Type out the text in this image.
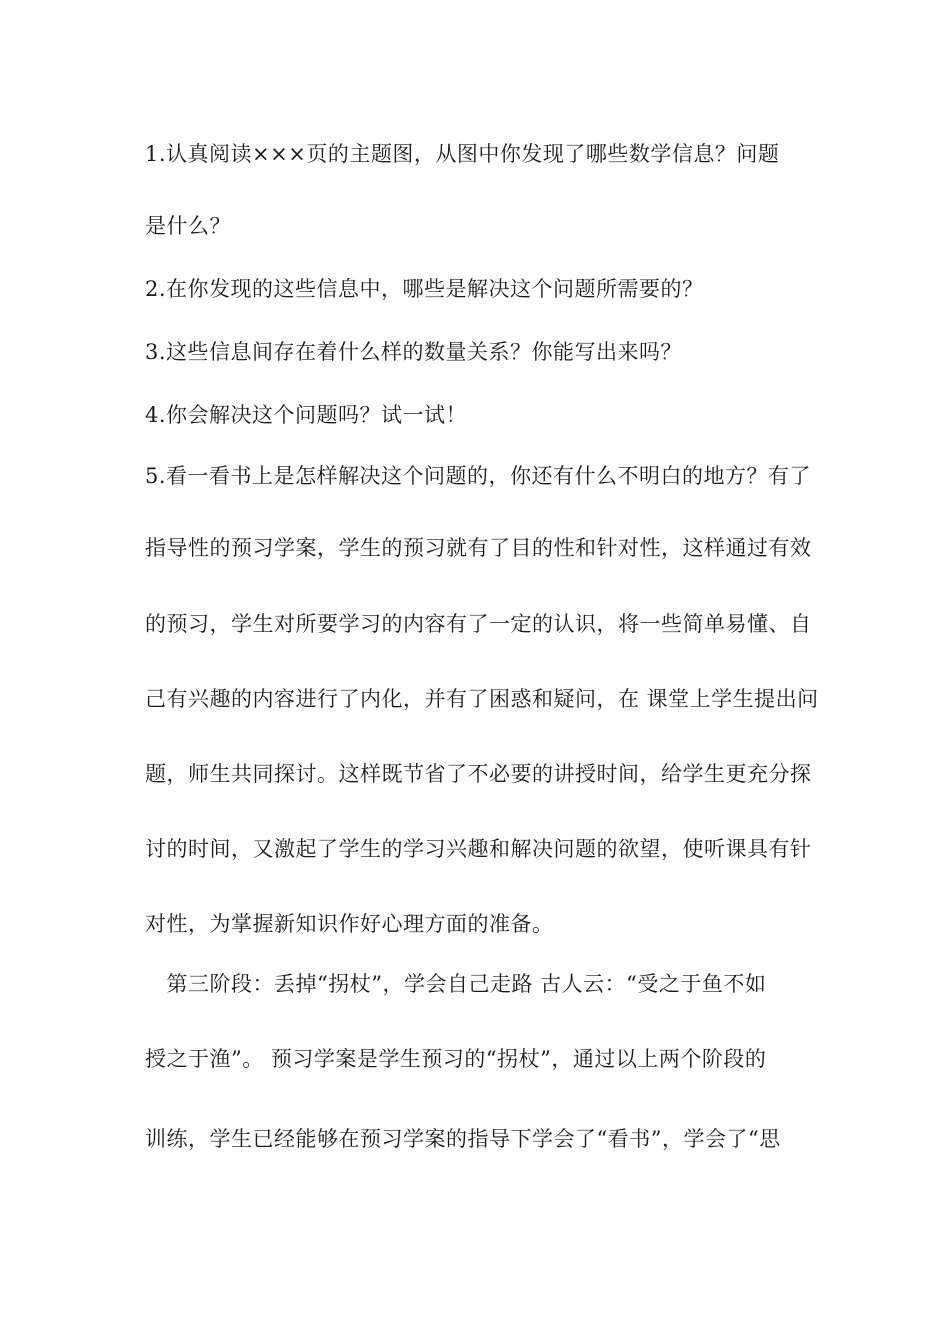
1.认真阅读×××页的主题图，从图中你发现了哪些数学信息？问题
是什么？
2.在你发现的这些信息中，哪些是解决这个问题所需要的？
3.这些信息间存在着什么样的数量关系？你能写出来吗？
4.你会解决这个问题吗？试一试！
5.看一看书上是怎样解决这个问题的，你还有什么不明白的地方？有了
指导性的预习学案，学生的预习就有了目的性和针对性，这样通过有效
的预习，学生对所要学习的内容有了一定的认识，将一些简单易懂、自
己有兴趣的内容进行了内化，并有了困惑和疑问，在 课堂上学生提出问
题，师生共同探讨。这样既节省了不必要的讲授时间，给学生更充分探
讨的时间，又激起了学生的学习兴趣和解决问题的欲望，使听课具有针
对性，为掌握新知识作好心理方面的准备。
第三阶段：丢掉“拐杖”，学会自己走路 古人云：“受之于鱼不如
授之于渔”。 预习学案是学生预习的“拐杖”，通过以上两个阶段的
训练，学生已经能够在预习学案的指导下学会了“看书”，学会了“思
